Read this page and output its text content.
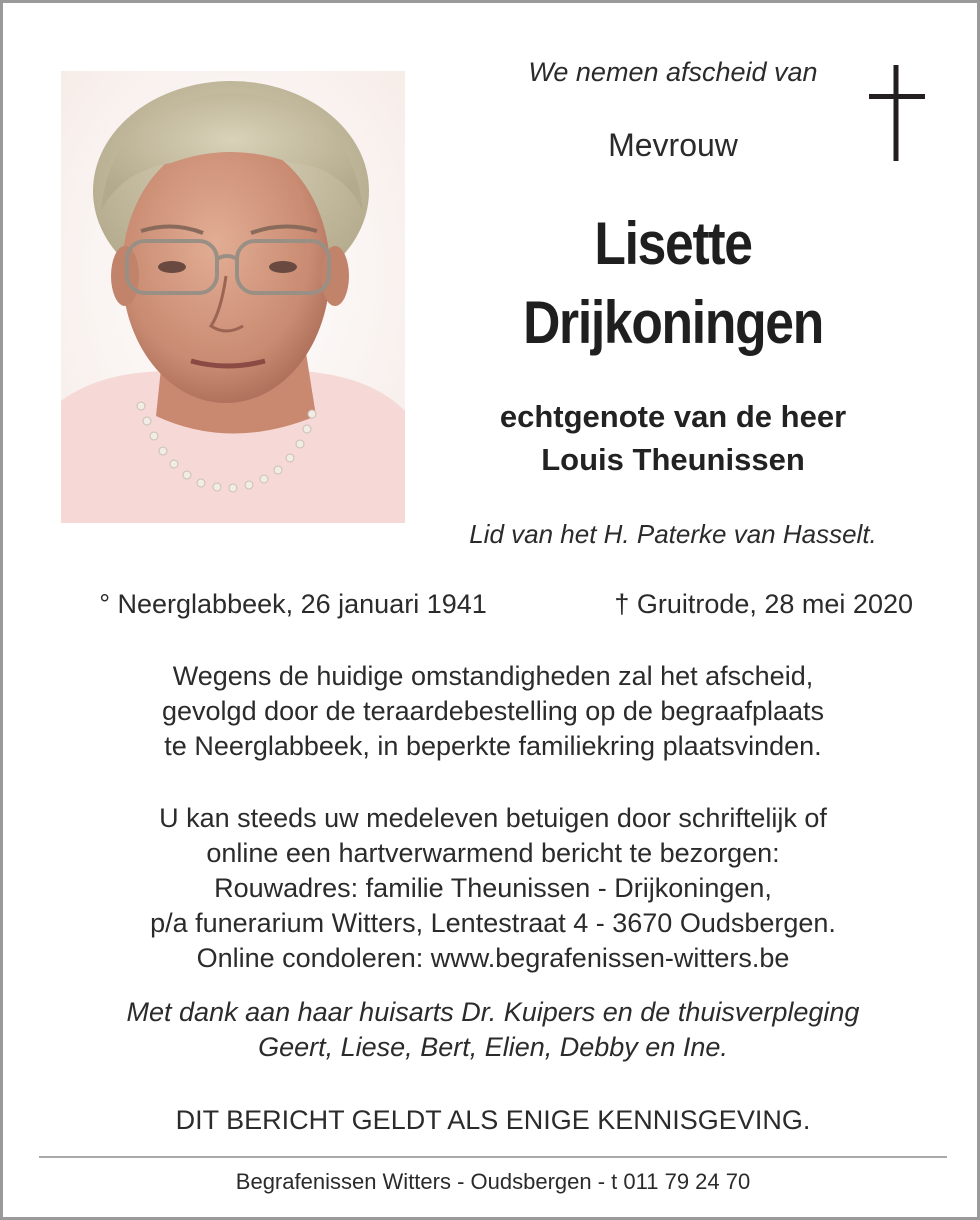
We nemen afscheid van
Mevrouw
Lisette
Drijkoningen
echtgenote van de heer
Louis Theunissen
Lid van het H. Paterke van Hasselt.
° Neerglabbeek, 26 januari 1941	† Gruitrode, 28 mei 2020
Wegens de huidige omstandigheden zal het afscheid,
gevolgd door de teraardebestelling op de begraafplaats
te Neerglabbeek, in beperkte familiekring plaatsvinden.
U kan steeds uw medeleven betuigen door schriftelijk of
online een hartverwarmend bericht te bezorgen:
Rouwadres: familie Theunissen - Drijkoningen,
p/a funerarium Witters, Lentestraat 4 - 3670 Oudsbergen.
Online condoleren: www.begrafenissen-witters.be
Met dank aan haar huisarts Dr. Kuipers en de thuisverpleging
Geert, Liese, Bert, Elien, Debby en Ine.
DIT BERICHT GELDT ALS ENIGE KENNISGEVING.
Begrafenissen Witters - Oudsbergen - t 011 79 24 70
